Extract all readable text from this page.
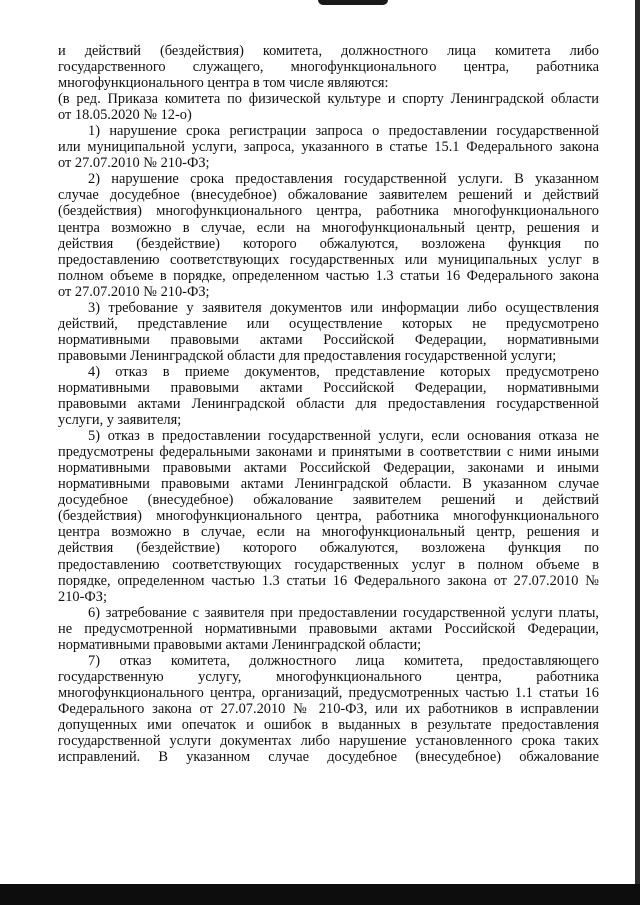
и действий (бездействия) комитета, должностного лица комитета либо

государственного служащего, многофункционального центра, работника

многофункционального центра в том числе являются:

(в ред. Приказа комитета по физической культуре и спорту Ленинградской области

от 18.05.2020 № 12-о)

1) нарушение срока регистрации запроса о предоставлении государственной

или муниципальной услуги, запроса, указанного в статье 15.1 Федерального закона

от 27.07.2010 № 210-ФЗ;

2) нарушение срока предоставления государственной услуги. В указанном

случае досудебное (внесудебное) обжалование заявителем решений и действий

(бездействия) многофункционального центра, работника многофункционального

центра возможно в случае, если на многофункциональный центр, решения и

действия (бездействие) которого обжалуются, возложена функция по

предоставлению соответствующих государственных или муниципальных услуг в

полном объеме в порядке, определенном частью 1.3 статьи 16 Федерального закона

от 27.07.2010 № 210-ФЗ;

3) требование у заявителя документов или информации либо осуществления

действий, представление или осуществление которых не предусмотрено

нормативными правовыми актами Российской Федерации, нормативными

правовыми Ленинградской области для предоставления государственной услуги;

4) отказ в приеме документов, представление которых предусмотрено

нормативными правовыми актами Российской Федерации, нормативными

правовыми актами Ленинградской области для предоставления государственной

услуги, у заявителя;

5) отказ в предоставлении государственной услуги, если основания отказа не

предусмотрены федеральными законами и принятыми в соответствии с ними иными

нормативными правовыми актами Российской Федерации, законами и иными

нормативными правовыми актами Ленинградской области. В указанном случае

досудебное (внесудебное) обжалование заявителем решений и действий

(бездействия) многофункционального центра, работника многофункционального

центра возможно в случае, если на многофункциональный центр, решения и

действия (бездействие) которого обжалуются, возложена функция по

предоставлению соответствующих государственных услуг в полном объеме в

порядке, определенном частью 1.3 статьи 16 Федерального закона от 27.07.2010 №

210-ФЗ;

6) затребование с заявителя при предоставлении государственной услуги платы,

не предусмотренной нормативными правовыми актами Российской Федерации,

нормативными правовыми актами Ленинградской области;

7) отказ комитета, должностного лица комитета, предоставляющего

государственную услугу, многофункционального центра, работника

многофункционального центра, организаций, предусмотренных частью 1.1 статьи 16

Федерального закона от 27.07.2010 № 210-ФЗ, или их работников в исправлении

допущенных ими опечаток и ошибок в выданных в результате предоставления

государственной услуги документах либо нарушение установленного срока таких

исправлений. В указанном случае досудебное (внесудебное) обжалование
